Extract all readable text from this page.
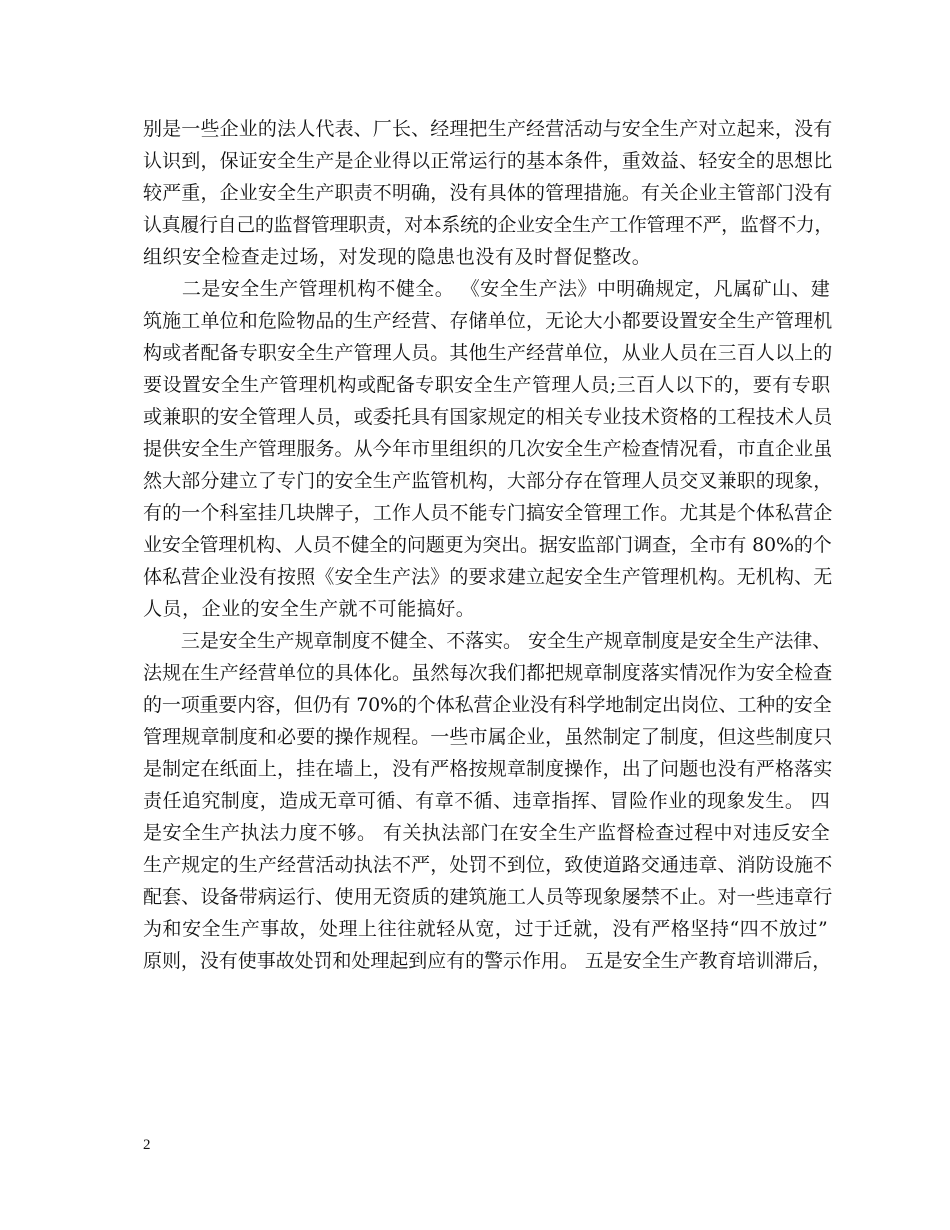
别是一些企业的法人代表、厂长、经理把生产经营活动与安全生产对立起来，没有
认识到，保证安全生产是企业得以正常运行的基本条件，重效益、轻安全的思想比
较严重，企业安全生产职责不明确，没有具体的管理措施。有关企业主管部门没有
认真履行自己的监督管理职责，对本系统的企业安全生产工作管理不严，监督不力，
组织安全检查走过场，对发现的隐患也没有及时督促整改。
　　二是安全生产管理机构不健全。 《安全生产法》中明确规定，凡属矿山、建
筑施工单位和危险物品的生产经营、存储单位，无论大小都要设置安全生产管理机
构或者配备专职安全生产管理人员。其他生产经营单位，从业人员在三百人以上的
要设置安全生产管理机构或配备专职安全生产管理人员;三百人以下的，要有专职
或兼职的安全管理人员，或委托具有国家规定的相关专业技术资格的工程技术人员
提供安全生产管理服务。从今年市里组织的几次安全生产检查情况看，市直企业虽
然大部分建立了专门的安全生产监管机构，大部分存在管理人员交叉兼职的现象，
有的一个科室挂几块牌子，工作人员不能专门搞安全管理工作。尤其是个体私营企
业安全管理机构、人员不健全的问题更为突出。据安监部门调查，全市有 80%的个
体私营企业没有按照《安全生产法》的要求建立起安全生产管理机构。无机构、无
人员，企业的安全生产就不可能搞好。
　　三是安全生产规章制度不健全、不落实。 安全生产规章制度是安全生产法律、
法规在生产经营单位的具体化。虽然每次我们都把规章制度落实情况作为安全检查
的一项重要内容，但仍有 70%的个体私营企业没有科学地制定出岗位、工种的安全
管理规章制度和必要的操作规程。一些市属企业，虽然制定了制度，但这些制度只
是制定在纸面上，挂在墙上，没有严格按规章制度操作，出了问题也没有严格落实
责任追究制度，造成无章可循、有章不循、违章指挥、冒险作业的现象发生。 四
是安全生产执法力度不够。 有关执法部门在安全生产监督检查过程中对违反安全
生产规定的生产经营活动执法不严，处罚不到位，致使道路交通违章、消防设施不
配套、设备带病运行、使用无资质的建筑施工人员等现象屡禁不止。对一些违章行
为和安全生产事故，处理上往往就轻从宽，过于迁就，没有严格坚持“四不放过”
原则，没有使事故处罚和处理起到应有的警示作用。 五是安全生产教育培训滞后，
2
